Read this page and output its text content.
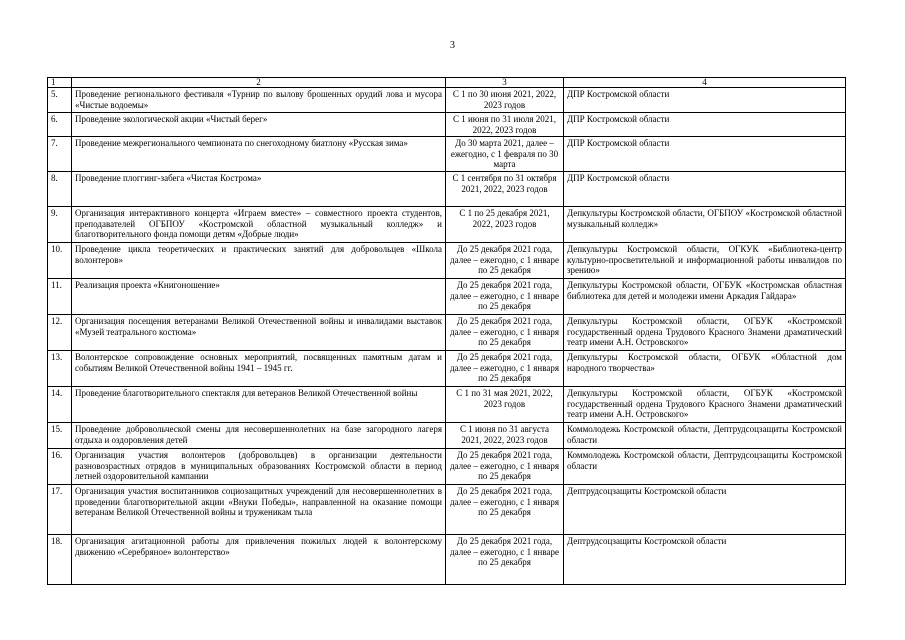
3
1	2	3	4
5.	Проведение регионального фестиваля «Турнир по вылову брошенных орудий лова и мусора «Чистые водоемы»	С 1 по 30 июня 2021, 2022, 2023 годов	ДПР Костромской области
6.	Проведение экологической акции «Чистый берег»	С 1 июня по 31 июля 2021, 2022, 2023 годов	ДПР Костромской области
7.	Проведение межрегионального чемпионата по снегоходному биатлону «Русская зима»	До 30 марта 2021, далее – ежегодно, с 1 февраля по 30 марта	ДПР Костромской области
8.	Проведение плоггинг-забега «Чистая Кострома»	С 1 сентября по 31 октября 2021, 2022, 2023 годов	ДПР Костромской области
9.	Организация интерактивного концерта «Играем вместе» – совместного проекта студентов, преподавателей ОГБПОУ «Костромской областной музыкальный колледж» и благотворительного фонда помощи детям «Добрые люди»	С 1 по 25 декабря 2021, 2022, 2023 годов	Депкультуры Костромской области, ОГБПОУ «Костромской областной музыкальный колледж»
10.	Проведение цикла теоретических и практических занятий для добровольцев «Школа волонтеров»	До 25 декабря 2021 года, далее – ежегодно, с 1 январе по 25 декабря	Депкультуры Костромской области, ОГКУК «Библиотека-центр культурно-просветительной и информационной работы инвалидов по зрению»
11.	Реализация проекта «Книгоношение»	До 25 декабря 2021 года, далее – ежегодно, с 1 январе по 25 декабря	Депкультуры Костромской области, ОГБУК «Костромская областная библиотека для детей и молодежи имени Аркадия Гайдара»
12.	Организация посещения ветеранами Великой Отечественной войны и инвалидами выставок «Музей театрального костюма»	До 25 декабря 2021 года, далее – ежегодно, с 1 января по 25 декабря	Депкультуры Костромской области, ОГБУК «Костромской государственный ордена Трудового Красного Знамени драматический театр имени А.Н. Островского»
13.	Волонтерское сопровождение основных мероприятий, посвященных памятным датам и событиям Великой Отечественной войны 1941 – 1945 гг.	До 25 декабря 2021 года, далее – ежегодно, с 1 января по 25 декабря	Депкультуры Костромской области, ОГБУК «Областной дом народного творчества»
14.	Проведение благотворительного спектакля для ветеранов Великой Отечественной войны	С 1 по 31 мая 2021, 2022, 2023 годов	Депкультуры Костромской области, ОГБУК «Костромской государственный ордена Трудового Красного Знамени драматический театр имени А.Н. Островского»
15.	Проведение добровольческой смены для несовершеннолетних на базе загородного лагеря отдыха и оздоровления детей	С 1 июня по 31 августа 2021, 2022, 2023 годов	Коммолодежь Костромской области, Дептрудсоцзащиты Костромской области
16.	Организация участия волонтеров (добровольцев) в организации деятельности разновозрастных отрядов в муниципальных образованиях Костромской области в период летней оздоровительной кампании	До 25 декабря 2021 года, далее – ежегодно, с 1 января по 25 декабря	Коммолодежь Костромской области, Дептрудсоцзащиты Костромской области
17.	Организация участия воспитанников социозащитных учреждений для несовершеннолетних в проведении благотворительной акции «Внуки Победы», направленной на оказание помощи ветеранам Великой Отечественной войны и труженикам тыла	До 25 декабря 2021 года, далее – ежегодно, с 1 января по 25 декабря	Дептрудсоцзащиты Костромской области
18.	Организация агитационной работы для привлечения пожилых людей к волонтерскому движению «Серебряное» волонтерство»	До 25 декабря 2021 года, далее – ежегодно, с 1 январе по 25 декабря	Дептрудсоцзащиты Костромской области
